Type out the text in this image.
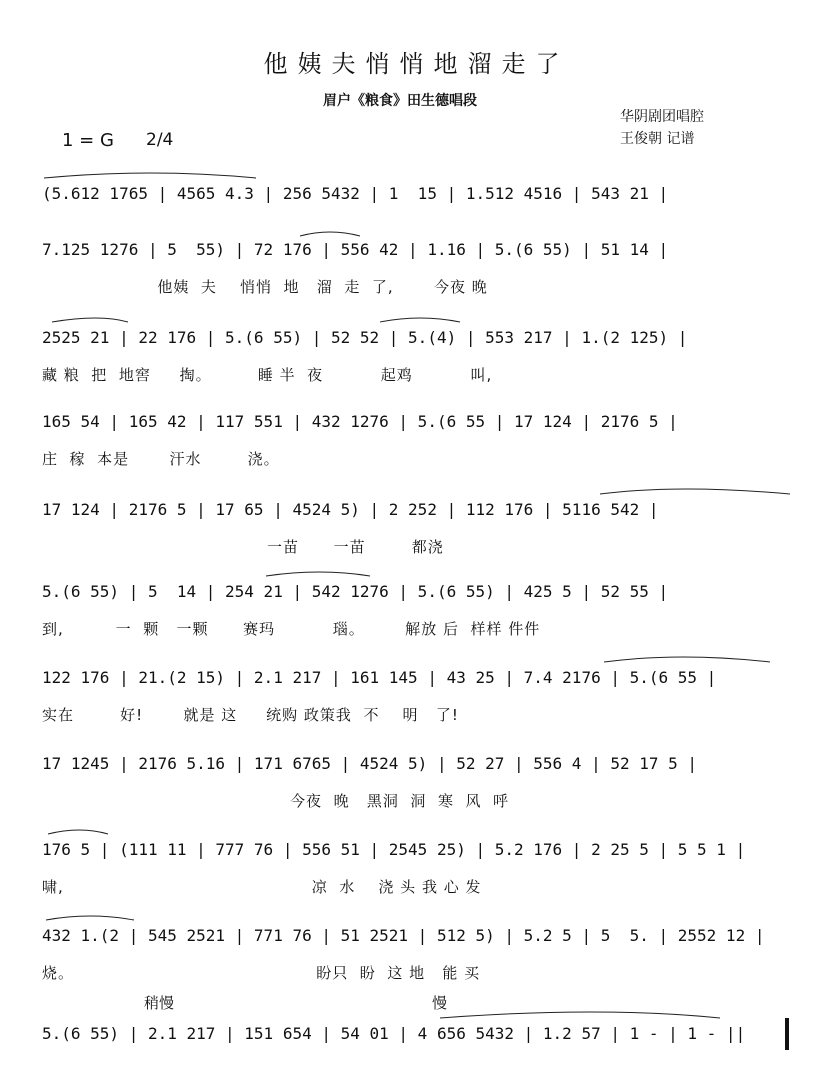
他姨夫悄悄地溜走了
眉户《粮食》田生德唱段
华阴剧团唱腔
王俊朝 记谱
1 = G 2/4
(5.612 1765 | 4565 4.3 | 256 5432 | 1  15 | 1.512 4516 | 543 21 |
7.125 1276 | 5  55) | 72 176 | 556 42 | 1.16 | 5.(6 55) | 51 14 |
他姨  夫    悄悄  地   溜  走  了,       今夜 晚
2525 21 | 22 176 | 5.(6 55) | 52 52 | 5.(4) | 553 217 | 1.(2 125) |
藏 粮  把  地窖     掏。        睡 半  夜          起鸡          叫,
165 54 | 165 42 | 117 551 | 432 1276 | 5.(6 55 | 17 124 | 2176 5 |
庄  稼  本是       汗水        浇。
17 124 | 2176 5 | 17 65 | 4524 5) | 2 252 | 112 176 | 5116 542 |
一苗      一苗        都浇
5.(6 55) | 5  14 | 254 21 | 542 1276 | 5.(6 55) | 425 5 | 52 55 |
到,         一  颗   一颗      赛玛          瑙。       解放 后  样样 件件
122 176 | 21.(2 15) | 2.1 217 | 161 145 | 43 25 | 7.4 2176 | 5.(6 55 |
实在        好!       就是 这     统购 政策我  不    明   了!
17 1245 | 2176 5.16 | 171 6765 | 4524 5) | 52 27 | 556 4 | 52 17 5 |
今夜  晚   黑洞  洞  寒  风  呼
176 5 | (111 11 | 777 76 | 556 51 | 2545 25) | 5.2 176 | 2 25 5 | 5 5 1 |
啸,                                           凉  水    浇 头 我 心 发
432 1.(2 | 545 2521 | 771 76 | 51 2521 | 512 5) | 5.2 5 | 5  5. | 2552 12 |
烧。                                          盼只  盼  这 地   能 买
稍慢	慢
5.(6 55) | 2.1 217 | 151 654 | 54 01 | 4 656 5432 | 1.2 57 | 1 - | 1 - ||
